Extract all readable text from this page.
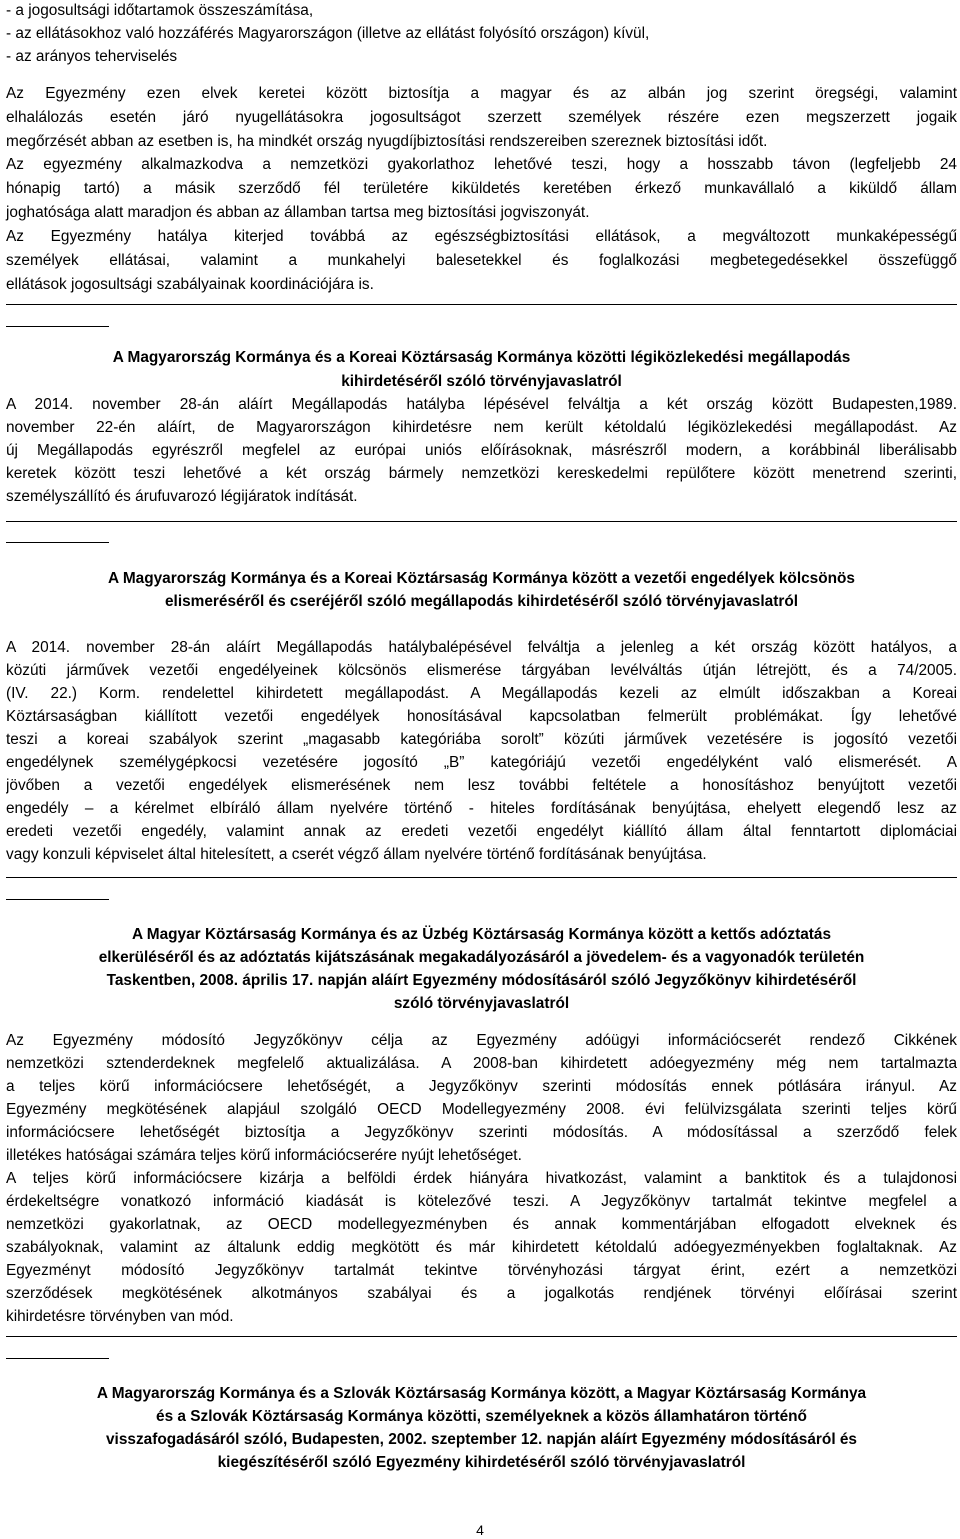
- a jogosultsági időtartamok összeszámítása,
- az ellátásokhoz való hozzáférés Magyarországon (illetve az ellátást folyósító országon) kívül,
- az arányos teherviselés
Az Egyezmény ezen elvek keretei között biztosítja a magyar és az albán jog szerint öregségi, valamint
elhalálozás esetén járó nyugellátásokra jogosultságot szerzett személyek részére ezen megszerzett jogaik
megőrzését abban az esetben is, ha mindkét ország nyugdíjbiztosítási rendszereiben szereznek biztosítási időt.
Az egyezmény alkalmazkodva a nemzetközi gyakorlathoz lehetővé teszi, hogy a hosszabb távon (legfeljebb 24
hónapig tartó) a másik szerződő fél területére kiküldetés keretében érkező munkavállaló a kiküldő állam
joghatósága alatt maradjon és abban az államban tartsa meg biztosítási jogviszonyát.
Az Egyezmény hatálya kiterjed továbbá az egészségbiztosítási ellátások, a megváltozott munkaképességű
személyek ellátásai, valamint a munkahelyi balesetekkel és foglalkozási megbetegedésekkel összefüggő
ellátások jogosultsági szabályainak koordinációjára is.
A Magyarország Kormánya és a Koreai Köztársaság Kormánya közötti légiközlekedési megállapodás
kihirdetéséről szóló törvényjavaslatról
A 2014. november 28-án aláírt Megállapodás hatályba lépésével felváltja a két ország között Budapesten,1989.
november 22-én aláírt, de Magyarországon kihirdetésre nem került kétoldalú légiközlekedési megállapodást. Az
új Megállapodás egyrészről megfelel az európai uniós előírásoknak, másrészről modern, a korábbinál liberálisabb
keretek között teszi lehetővé a két ország bármely nemzetközi kereskedelmi repülőtere között menetrend szerinti,
személyszállító és árufuvarozó légijáratok indítását.
A Magyarország Kormánya és a Koreai Köztársaság Kormánya között a vezetői engedélyek kölcsönös
elismeréséről és cseréjéről szóló megállapodás kihirdetéséről szóló törvényjavaslatról
A 2014. november 28-án aláírt Megállapodás hatálybalépésével felváltja a jelenleg a két ország között hatályos, a
közúti járművek vezetői engedélyeinek kölcsönös elismerése tárgyában levélváltás útján létrejött, és a 74/2005.
(IV. 22.) Korm. rendelettel kihirdetett megállapodást. A Megállapodás kezeli az elmúlt időszakban a Koreai
Köztársaságban kiállított vezetői engedélyek honosításával kapcsolatban felmerült problémákat. Így lehetővé
teszi a koreai szabályok szerint „magasabb kategóriába sorolt” közúti járművek vezetésére is jogosító vezetői
engedélynek személygépkocsi vezetésére jogosító „B” kategóriájú vezetői engedélyként való elismerését. A
jövőben a vezetői engedélyek elismerésének nem lesz további feltétele a honosításhoz benyújtott vezetői
engedély – a kérelmet elbíráló állam nyelvére történő - hiteles fordításának benyújtása, ehelyett elegendő lesz az
eredeti vezetői engedély, valamint annak az eredeti vezetői engedélyt kiállító állam által fenntartott diplomáciai
vagy konzuli képviselet által hitelesített, a cserét végző állam nyelvére történő fordításának benyújtása.
A Magyar Köztársaság Kormánya és az Üzbég Köztársaság Kormánya között a kettős adóztatás
elkerüléséről és az adóztatás kijátszásának megakadályozásáról a jövedelem- és a vagyonadók területén
Taskentben, 2008. április 17. napján aláírt Egyezmény módosításáról szóló Jegyzőkönyv kihirdetéséről
szóló törvényjavaslatról
Az Egyezmény módosító Jegyzőkönyv célja az Egyezmény adóügyi információcserét rendező Cikkének
nemzetközi sztenderdeknek megfelelő aktualizálása. A 2008-ban kihirdetett adóegyezmény még nem tartalmazta
a teljes körű információcsere lehetőségét, a Jegyzőkönyv szerinti módosítás ennek pótlására irányul. Az
Egyezmény megkötésének alapjául szolgáló OECD Modellegyezmény 2008. évi felülvizsgálata szerinti teljes körű
információcsere lehetőségét biztosítja a Jegyzőkönyv szerinti módosítás. A módosítással a szerződő felek
illetékes hatóságai számára teljes körű információcserére nyújt lehetőséget.
A teljes körű információcsere kizárja a belföldi érdek hiányára hivatkozást, valamint a banktitok és a tulajdonosi
érdekeltségre vonatkozó információ kiadását is kötelezővé teszi. A Jegyzőkönyv tartalmát tekintve megfelel a
nemzetközi gyakorlatnak, az OECD modellegyezményben és annak kommentárjában elfogadott elveknek és
szabályoknak, valamint az általunk eddig megkötött és már kihirdetett kétoldalú adóegyezményekben foglaltaknak. Az
Egyezményt módosító Jegyzőkönyv tartalmát tekintve törvényhozási tárgyat érint, ezért a nemzetközi
szerződések megkötésének alkotmányos szabályai és a jogalkotás rendjének törvényi előírásai szerint
kihirdetésre törvényben van mód.
A Magyarország Kormánya és a Szlovák Köztársaság Kormánya között, a Magyar Köztársaság Kormánya
és a Szlovák Köztársaság Kormánya közötti, személyeknek a közös államhatáron történő
visszafogadásáról szóló, Budapesten, 2002. szeptember 12. napján aláírt Egyezmény módosításáról és
kiegészítéséről szóló Egyezmény kihirdetéséről szóló törvényjavaslatról
4
